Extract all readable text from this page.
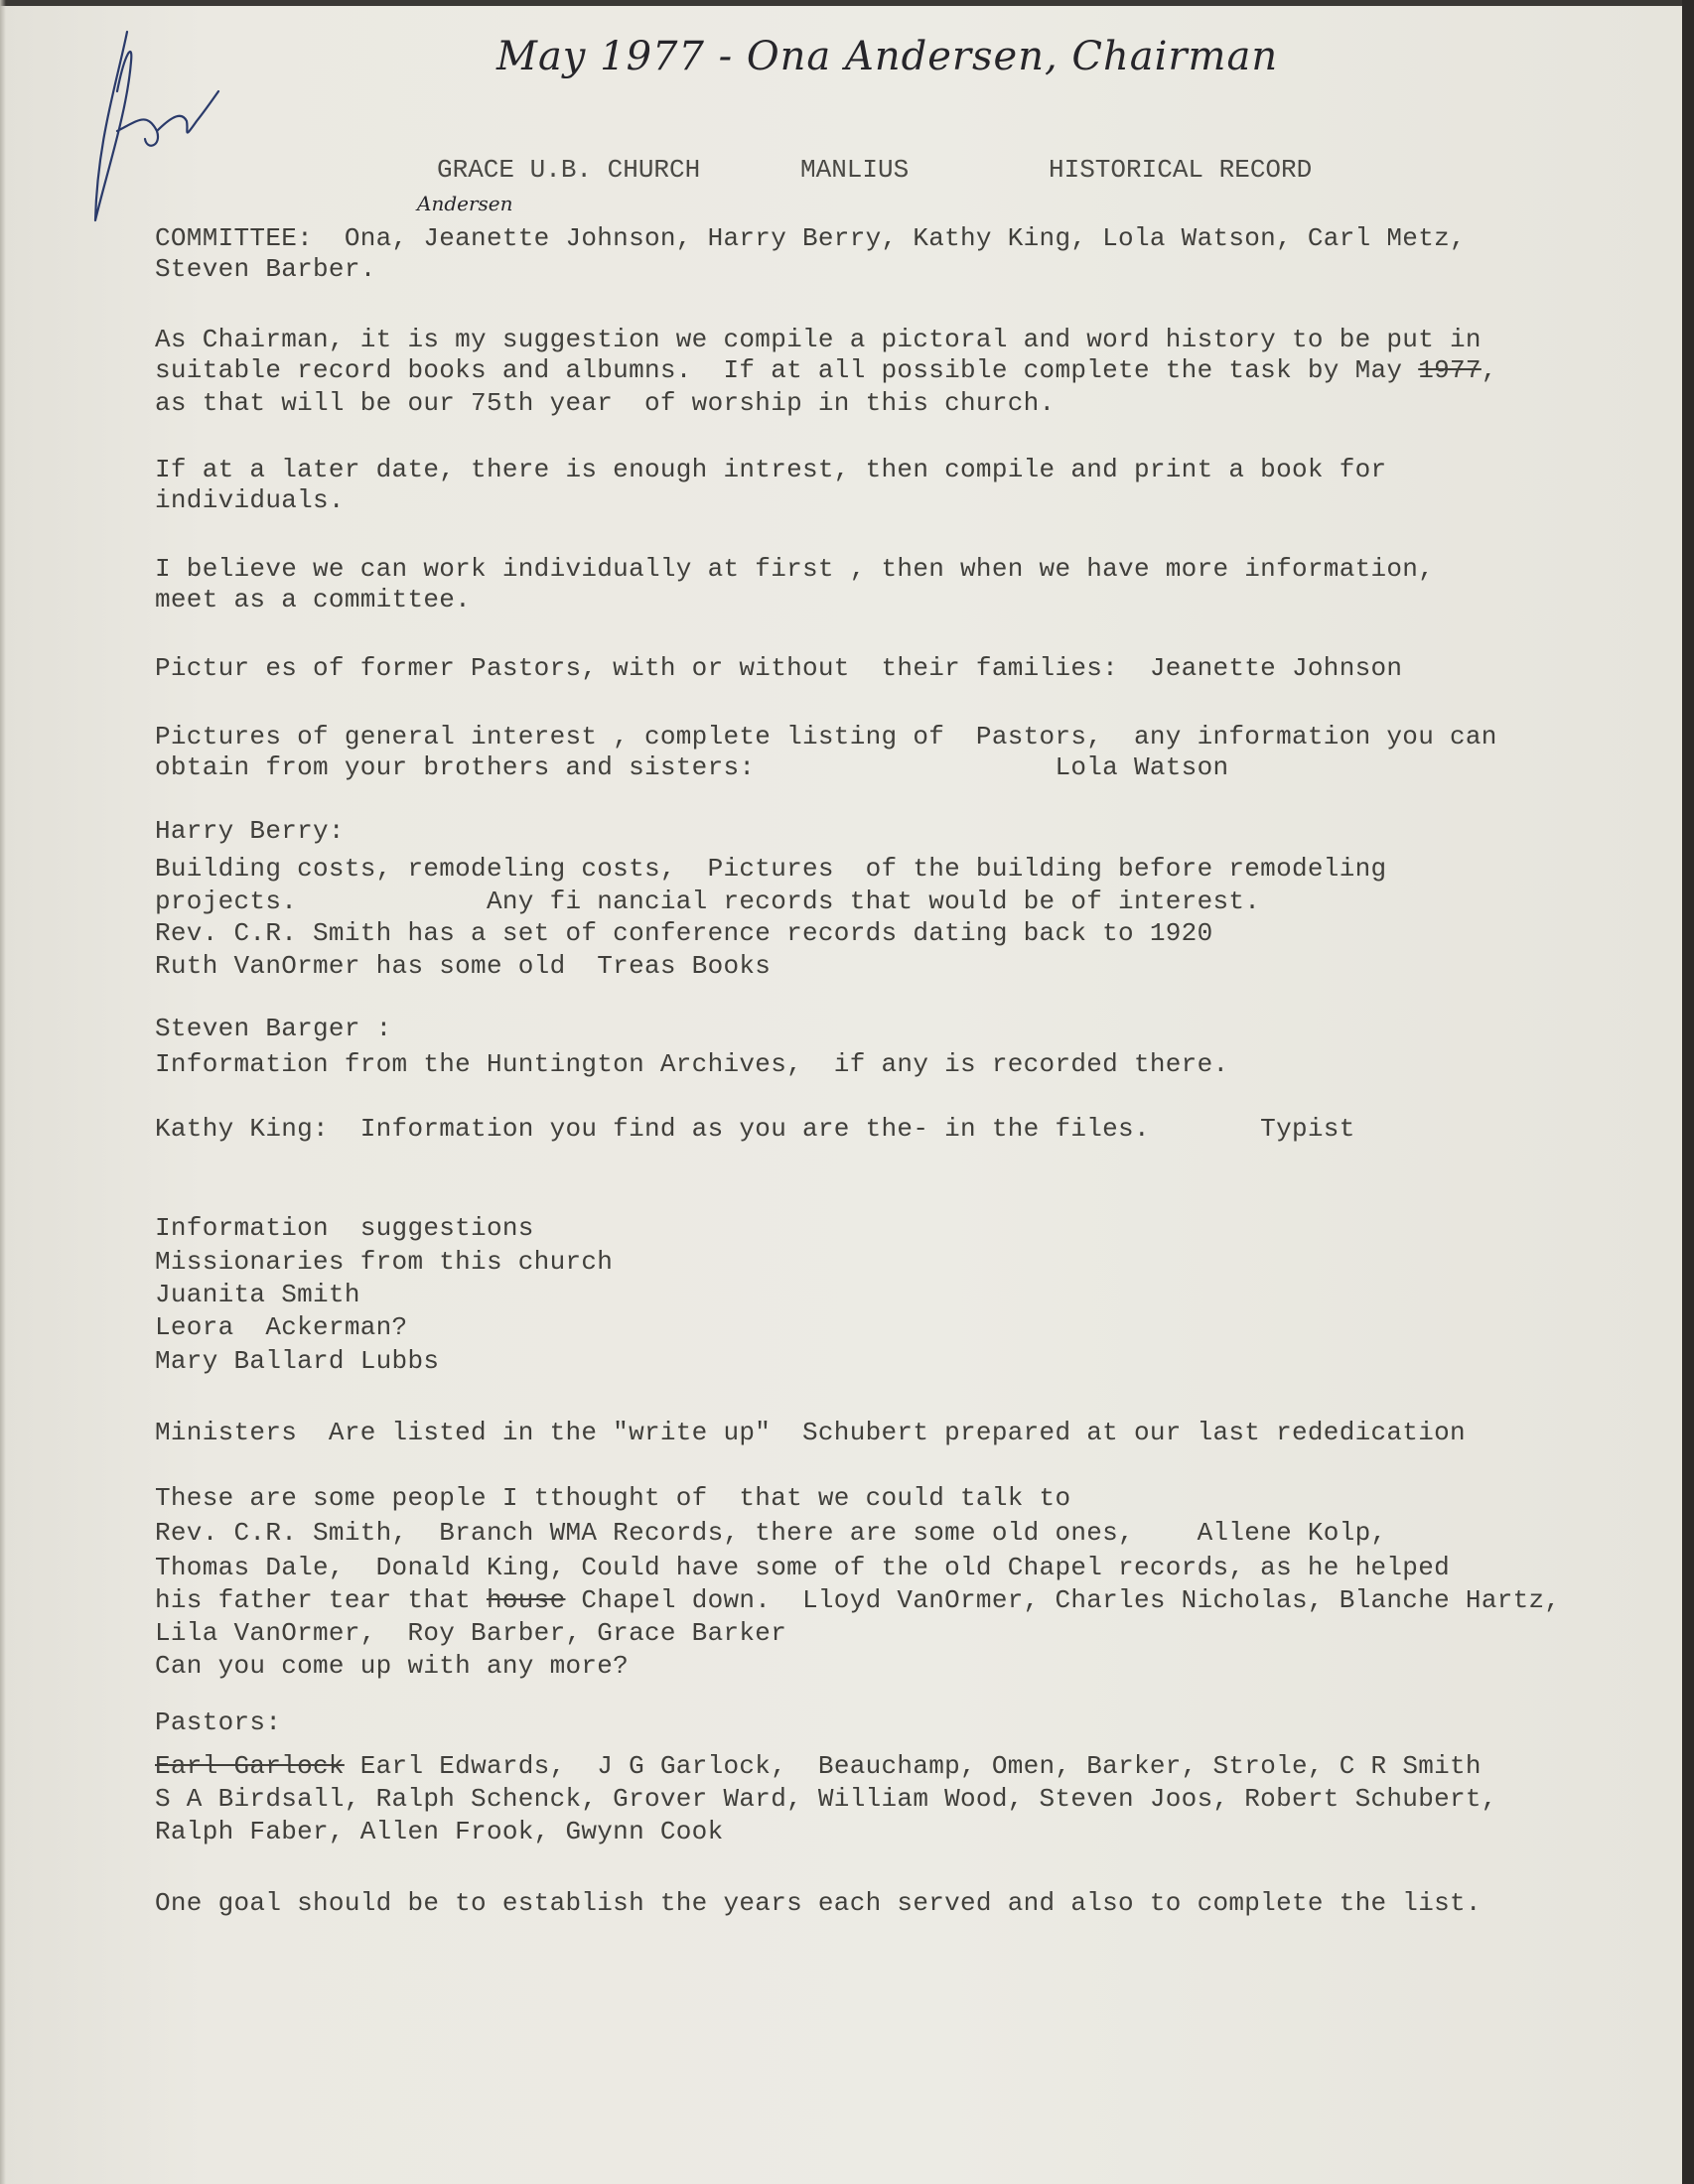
May 1977 - Ona Andersen, Chairman
Andersen
GRACE U.B. CHURCH	MANLIUS	HISTORICAL RECORD
COMMITTEE:  Ona, Jeanette Johnson, Harry Berry, Kathy King, Lola Watson, Carl Metz,
Steven Barber.
As Chairman, it is my suggestion we compile a pictoral and word history to be put in
suitable record books and albumns.  If at all possible complete the task by May 1977,
as that will be our 75th year  of worship in this church.
If at a later date, there is enough intrest, then compile and print a book for
individuals.
I believe we can work individually at first , then when we have more information,
meet as a committee.
Pictur es of former Pastors, with or without  their families:  Jeanette Johnson
Pictures of general interest , complete listing of  Pastors,  any information you can
obtain from your brothers and sisters:                   Lola Watson
Harry Berry:
Building costs, remodeling costs,  Pictures  of the building before remodeling
projects.            Any fi nancial records that would be of interest.
Rev. C.R. Smith has a set of conference records dating back to 1920
Ruth VanOrmer has some old  Treas Books
Steven Barger :
Information from the Huntington Archives,  if any is recorded there.
Kathy King:  Information you find as you are the- in the files.       Typist
Information  suggestions
Missionaries from this church
Juanita Smith
Leora  Ackerman?
Mary Ballard Lubbs
Ministers  Are listed in the "write up"  Schubert prepared at our last rededication
These are some people I tthought of  that we could talk to
Rev. C.R. Smith,  Branch WMA Records, there are some old ones,    Allene Kolp,
Thomas Dale,  Donald King, Could have some of the old Chapel records, as he helped
his father tear that house Chapel down.  Lloyd VanOrmer, Charles Nicholas, Blanche Hartz,
Lila VanOrmer,  Roy Barber, Grace Barker
Can you come up with any more?
Pastors:
Earl Garlock Earl Edwards,  J G Garlock,  Beauchamp, Omen, Barker, Strole, C R Smith
S A Birdsall, Ralph Schenck, Grover Ward, William Wood, Steven Joos, Robert Schubert,
Ralph Faber, Allen Frook, Gwynn Cook
One goal should be to establish the years each served and also to complete the list.
